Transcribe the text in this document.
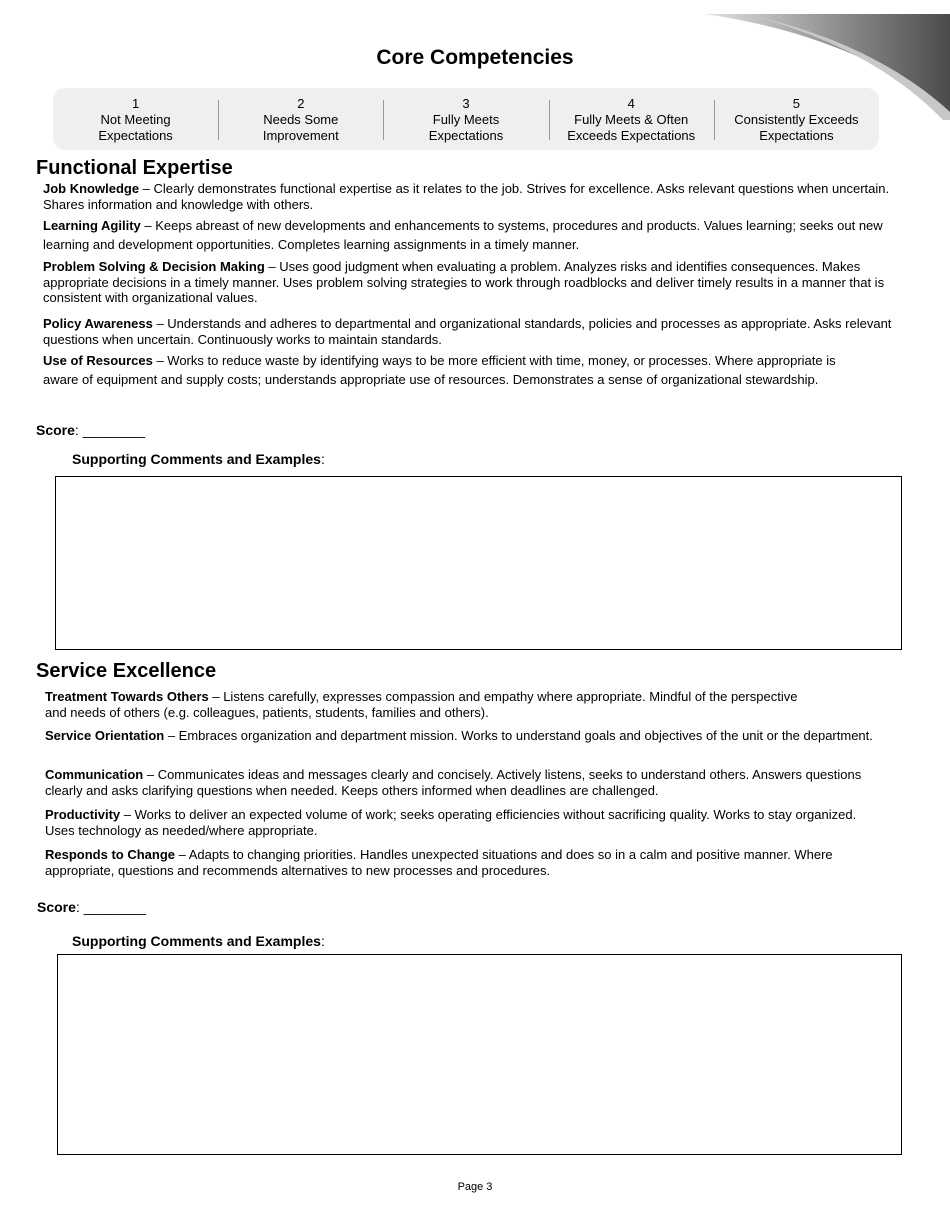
Core Competencies
1
Not Meeting
Expectations
2
Needs Some
Improvement
3
Fully Meets
Expectations
4
Fully Meets & Often
Exceeds Expectations
5
Consistently Exceeds
Expectations
Functional Expertise
Job Knowledge – Clearly demonstrates functional expertise as it relates to the job. Strives for excellence. Asks relevant questions when uncertain. Shares information and knowledge with others.
Learning Agility – Keeps abreast of new developments and enhancements to systems, procedures and products. Values learning; seeks out new learning and development opportunities. Completes learning assignments in a timely manner.
Problem Solving & Decision Making – Uses good judgment when evaluating a problem. Analyzes risks and identifies consequences. Makes appropriate decisions in a timely manner. Uses problem solving strategies to work through roadblocks and deliver timely results in a manner that is consistent with organizational values.
Policy Awareness – Understands and adheres to departmental and organizational standards, policies and processes as appropriate. Asks relevant questions when uncertain. Continuously works to maintain standards.
Use of Resources – Works to reduce waste by identifying ways to be more efficient with time, money, or processes. Where appropriate is aware of equipment and supply costs; understands appropriate use of resources. Demonstrates a sense of organizational stewardship.
Score: ________
Supporting Comments and Examples:
Service Excellence
Treatment Towards Others – Listens carefully, expresses compassion and empathy where appropriate. Mindful of the perspective and needs of others (e.g. colleagues, patients, students, families and others).
Service Orientation – Embraces organization and department mission. Works to understand goals and objectives of the unit or the department.
Communication – Communicates ideas and messages clearly and concisely. Actively listens, seeks to understand others. Answers questions clearly and asks clarifying questions when needed. Keeps others informed when deadlines are challenged.
Productivity – Works to deliver an expected volume of work; seeks operating efficiencies without sacrificing quality. Works to stay organized. Uses technology as needed/where appropriate.
Responds to Change – Adapts to changing priorities. Handles unexpected situations and does so in a calm and positive manner. Where appropriate, questions and recommends alternatives to new processes and procedures.
Score: ________
Supporting Comments and Examples:
Page 3
